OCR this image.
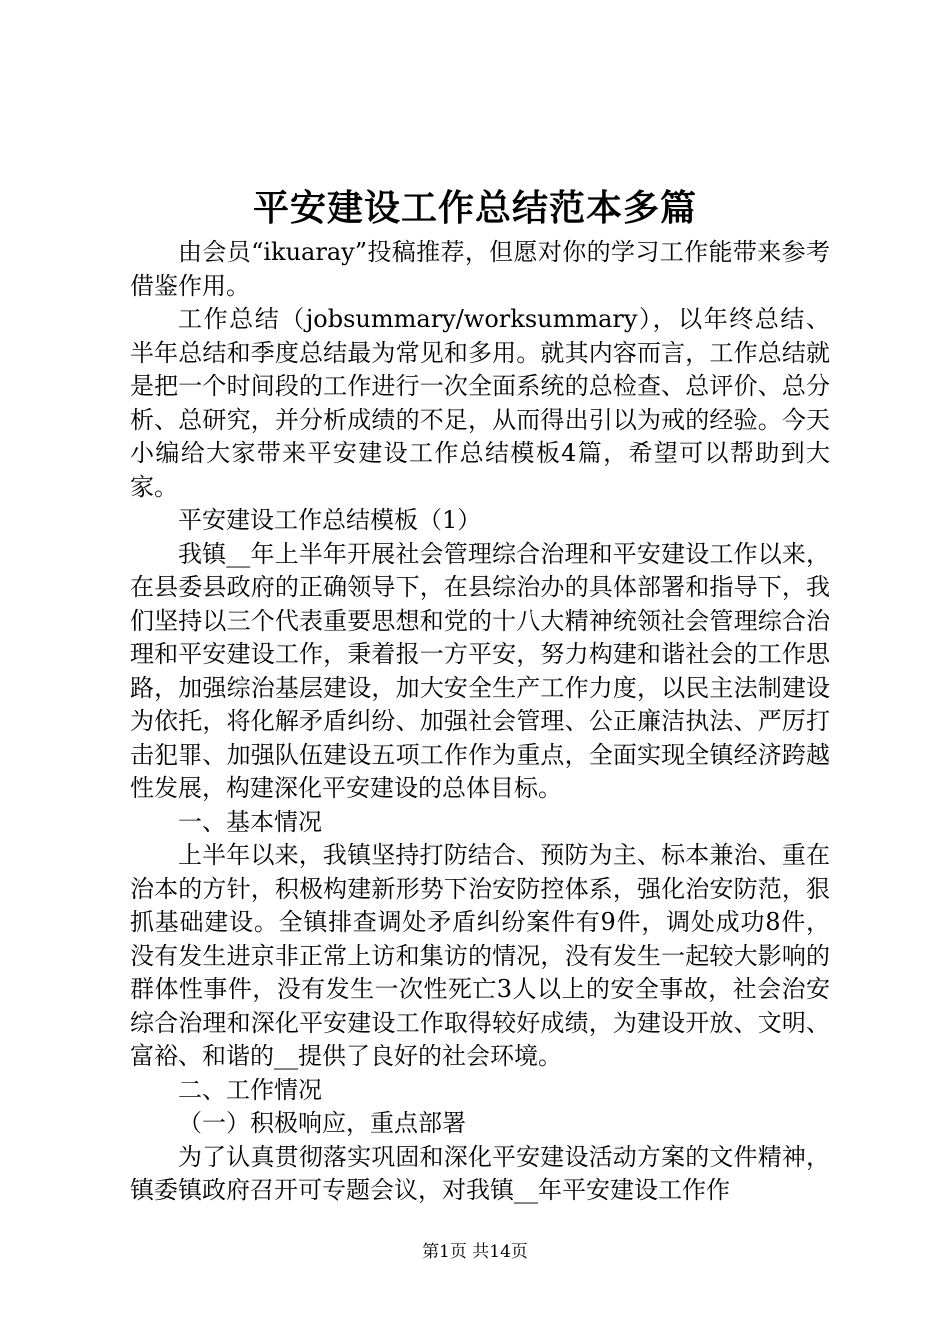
平安建设工作总结范本多篇

由会员“ikuaray”投稿推荐，但愿对你的学习工作能带来参考借鉴作用。

工作总结（jobsummary/worksummary），以年终总结、半年总结和季度总结最为常见和多用。就其内容而言，工作总结就是把一个时间段的工作进行一次全面系统的总检查、总评价、总分析、总研究，并分析成绩的不足，从而得出引以为戒的经验。今天小编给大家带来平安建设工作总结模板4篇，希望可以帮助到大家。

平安建设工作总结模板（1）

我镇__年上半年开展社会管理综合治理和平安建设工作以来，在县委县政府的正确领导下，在县综治办的具体部署和指导下，我们坚持以三个代表重要思想和党的十八大精神统领社会管理综合治理和平安建设工作，秉着报一方平安，努力构建和谐社会的工作思路，加强综治基层建设，加大安全生产工作力度，以民主法制建设为依托，将化解矛盾纠纷、加强社会管理、公正廉洁执法、严厉打击犯罪、加强队伍建设五项工作作为重点，全面实现全镇经济跨越性发展，构建深化平安建设的总体目标。

一、基本情况

上半年以来，我镇坚持打防结合、预防为主、标本兼治、重在治本的方针，积极构建新形势下治安防控体系，强化治安防范，狠抓基础建设。全镇排查调处矛盾纠纷案件有9件，调处成功8件，没有发生进京非正常上访和集访的情况，没有发生一起较大影响的群体性事件，没有发生一次性死亡3人以上的安全事故，社会治安综合治理和深化平安建设工作取得较好成绩，为建设开放、文明、富裕、和谐的__提供了良好的社会环境。

二、工作情况

（一）积极响应，重点部署

为了认真贯彻落实巩固和深化平安建设活动方案的文件精神，镇委镇政府召开可专题会议，对我镇__年平安建设工作作

第1页 共14页
